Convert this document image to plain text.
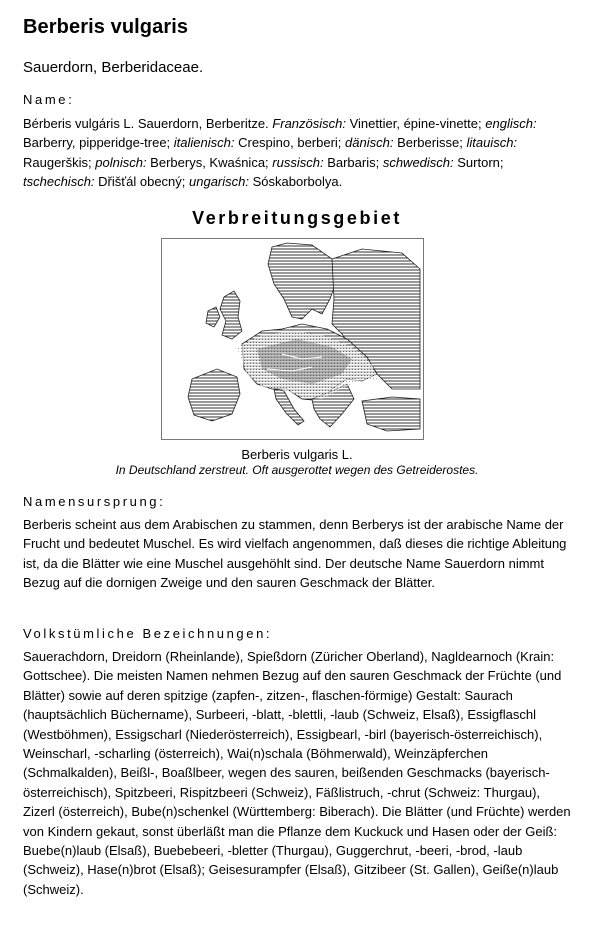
Berberis vulgaris
Sauerdorn, Berberidaceae.
Name:
Bérberis vulgáris L. Sauerdorn, Berberitze. Französisch: Vinettier, épine-vinette; englisch: Barberry, pipperidge-tree; italienisch: Crespino, berberi; dänisch: Berberisse; litauisch: Raugerškis; polnisch: Berberys, Kwaśnica; russisch: Barbaris; schwedisch: Surtorn; tschechisch: Dřišťál obecný; ungarisch: Sóskaborbolya.
Verbreitungsgebiet
Berberis vulgaris L.
In Deutschland zerstreut. Oft ausgerottet wegen des Getreiderostes.
Namensursprung:
Berberis scheint aus dem Arabischen zu stammen, denn Berberys ist der arabische Name der Frucht und bedeutet Muschel. Es wird vielfach angenommen, daß dieses die richtige Ableitung ist, da die Blätter wie eine Muschel ausgehöhlt sind. Der deutsche Name Sauerdorn nimmt Bezug auf die dornigen Zweige und den sauren Geschmack der Blätter.
Volkstümliche Bezeichnungen:
Sauerachdorn, Dreidorn (Rheinlande), Spießdorn (Züricher Oberland), Nagldearnoch (Krain: Gottschee). Die meisten Namen nehmen Bezug auf den sauren Geschmack der Früchte (und Blätter) sowie auf deren spitzige (zapfen-, zitzen-, flaschen-förmige) Gestalt: Saurach (hauptsächlich Büchername), Surbeeri, -blatt, -blettli, -laub (Schweiz, Elsaß), Essigflaschl (Westböhmen), Essigscharl (Niederösterreich), Essigbearl, -birl (bayerisch-österreichisch), Weinscharl, -scharling (österreich), Wai(n)schala (Böhmerwald), Weinzäpferchen (Schmalkalden), Beißl-, Boaßlbeer, wegen des sauren, beißenden Geschmacks (bayerisch-österreichisch), Spitzbeeri, Rispitzbeeri (Schweiz), Fäßlistruch, -chrut (Schweiz: Thurgau), Zizerl (österreich), Bube(n)schenkel (Württemberg: Biberach). Die Blätter (und Früchte) werden von Kindern gekaut, sonst überläßt man die Pflanze dem Kuckuck und Hasen oder der Geiß: Buebe(n)laub (Elsaß), Buebebeeri, -bletter (Thurgau), Guggerchrut, -beeri, -brod, -laub (Schweiz), Hase(n)brot (Elsaß); Geisesurampfer (Elsaß), Gitzibeer (St. Gallen), Geiße(n)laub (Schweiz).
